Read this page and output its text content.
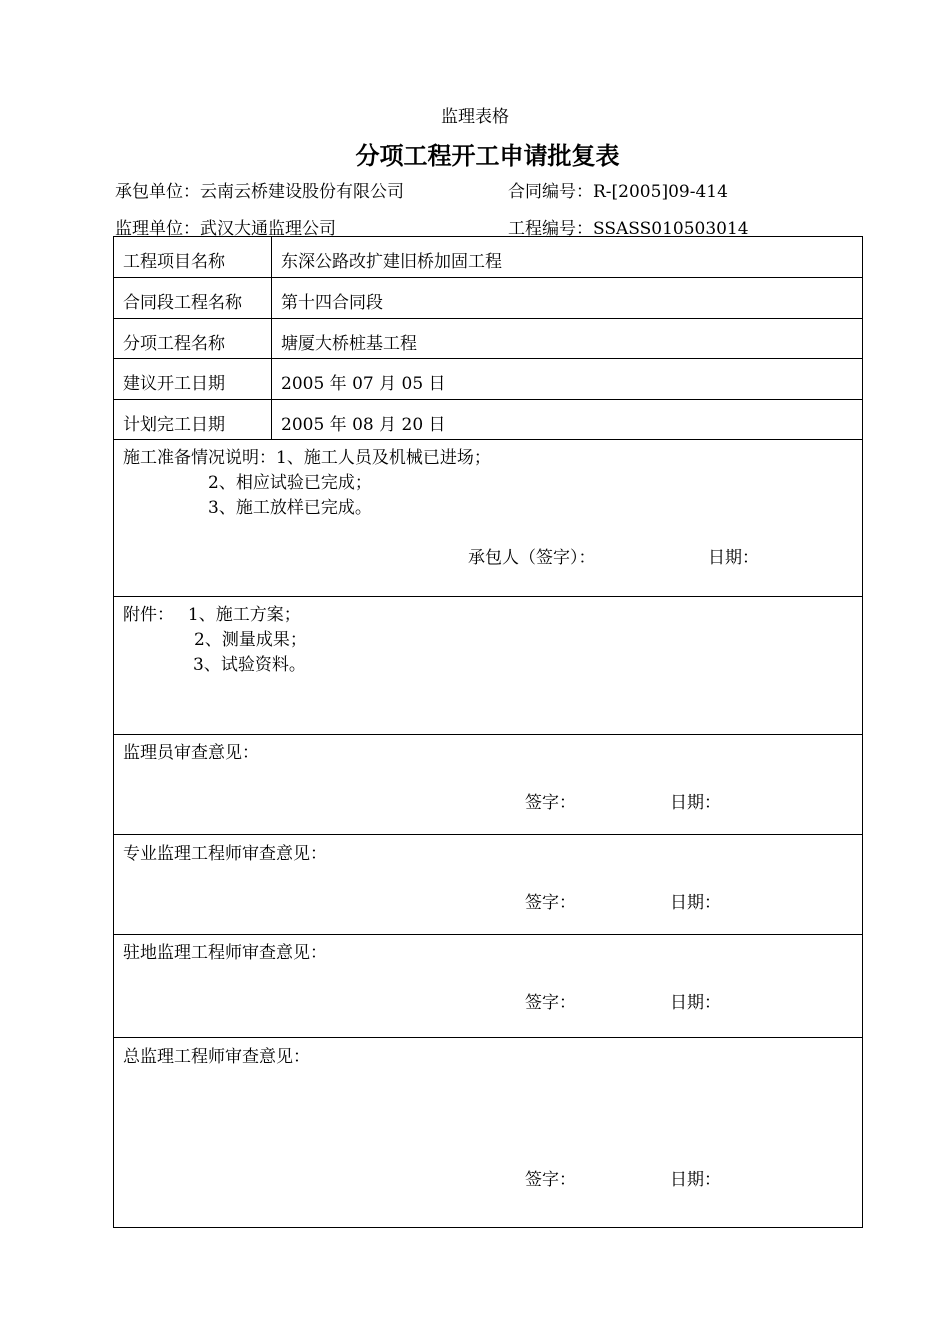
监理表格
分项工程开工申请批复表
承包单位：云南云桥建设股份有限公司	合同编号：R-[2005]09-414
监理单位：武汉大通监理公司	工程编号：SSASS010503014
工程项目名称	东深公路改扩建旧桥加固工程
合同段工程名称 第十四合同段
分项工程名称	塘厦大桥桩基工程
建议开工日期	2005 年 07 月 05 日
计划完工日期	2005 年 08 月 20 日
施工准备情况说明：1、施工人员及机械已进场；
2、相应试验已完成；
3、施工放样已完成。
承包人（签字）：	日期：
附件：　 1、施工方案；
2、测量成果；
3、试验资料。
监理员审查意见：
签字：	日期：
专业监理工程师审查意见：
签字：	日期：
驻地监理工程师审查意见：
签字：	日期：
总监理工程师审查意见：
签字：	日期：
